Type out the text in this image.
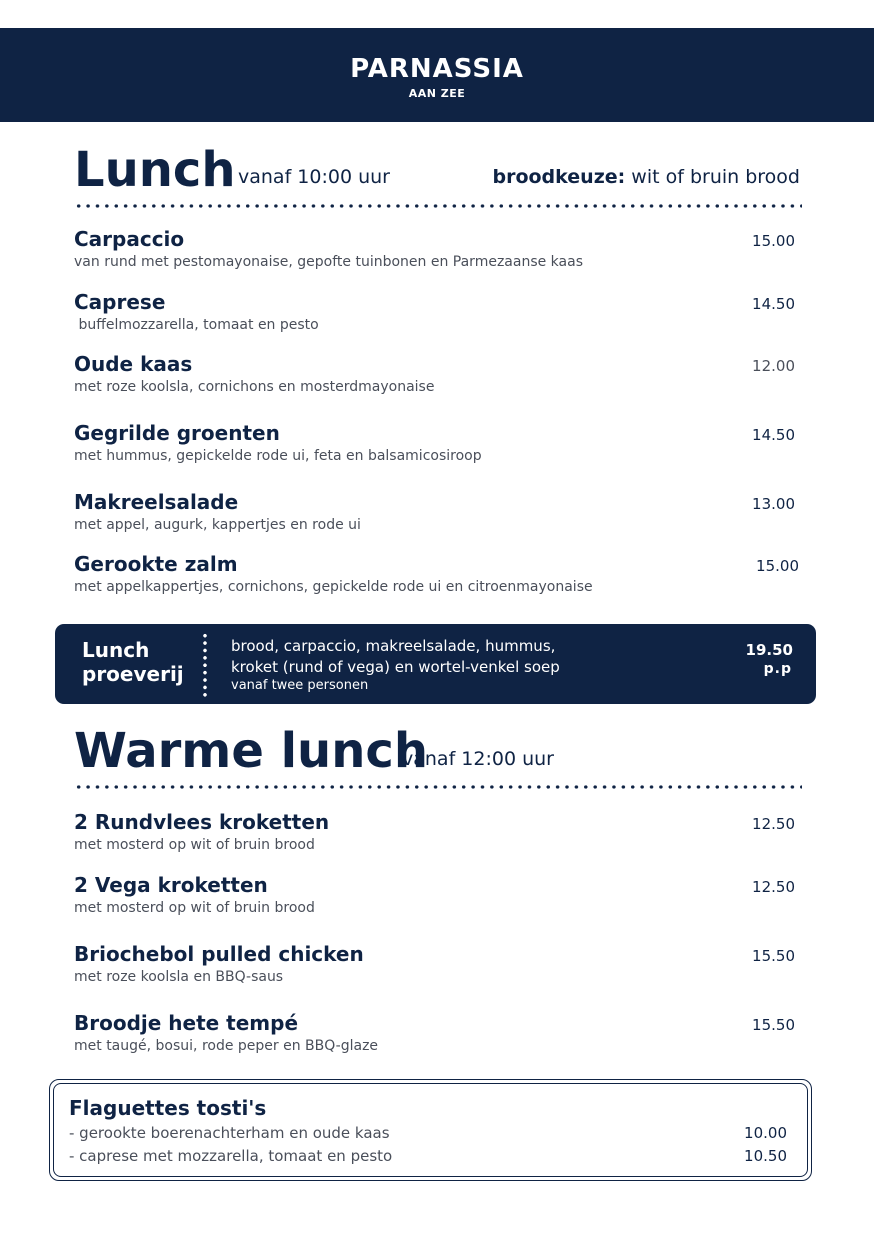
PARNASSIA
AAN ZEE
Lunch vanaf 10:00 uur	broodkeuze: wit of bruin brood
Carpaccio
van rund met pestomayonaise, gepofte tuinbonen en Parmezaanse kaas
15.00
Caprese
buffelmozzarella, tomaat en pesto
14.50
Oude kaas
met roze koolsla, cornichons en mosterdmayonaise
12.00
Gegrilde groenten
met hummus, gepickelde rode ui, feta en balsamicosiroop
14.50
Makreelsalade
met appel, augurk, kappertjes en rode ui
13.00
Gerookte zalm
met appelkappertjes, cornichons, gepickelde rode ui en citroenmayonaise
15.00
Lunch
proeverij
brood, carpaccio, makreelsalade, hummus,
kroket (rund of vega) en wortel-venkel soep
vanaf twee personen
19.50
p.p
Warme lunch
vanaf 12:00 uur
2 Rundvlees kroketten
met mosterd op wit of bruin brood
12.50
2 Vega kroketten
met mosterd op wit of bruin brood
12.50
Briochebol pulled chicken
met roze koolsla en BBQ-saus
15.50
Broodje hete tempé
met taugé, bosui, rode peper en BBQ-glaze
15.50
Flaguettes tosti's
- gerookte boerenachterham en oude kaas	10.00
- caprese met mozzarella, tomaat en pesto	10.50
